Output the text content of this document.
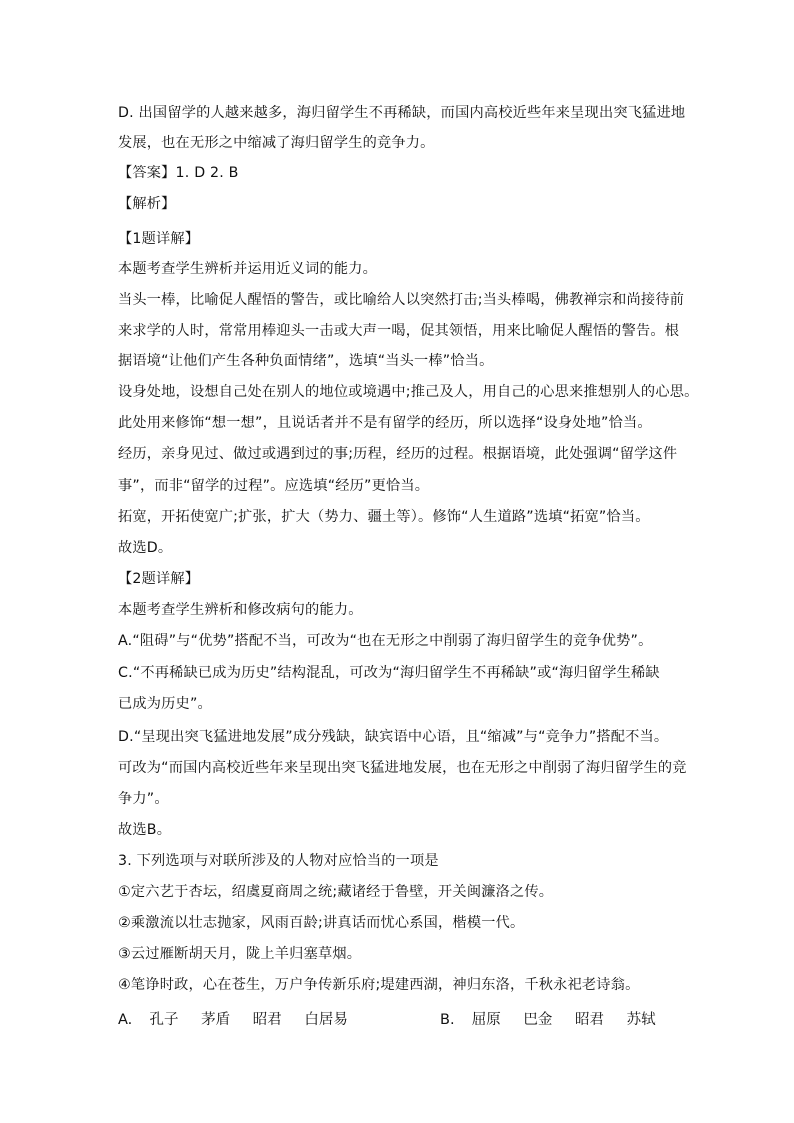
D. 出国留学的人越来越多，海归留学生不再稀缺，而国内高校近些年来呈现出突飞猛进地
发展，也在无形之中缩减了海归留学生的竞争力。
【答案】1. D 2. B
【解析】
【1题详解】
本题考查学生辨析并运用近义词的能力。
当头一棒，比喻促人醒悟的警告，或比喻给人以突然打击;当头棒喝，佛教禅宗和尚接待前
来求学的人时，常常用棒迎头一击或大声一喝，促其领悟，用来比喻促人醒悟的警告。根
据语境“让他们产生各种负面情绪”，选填“当头一棒”恰当。
设身处地，设想自己处在别人的地位或境遇中;推己及人，用自己的心思来推想别人的心思。
此处用来修饰“想一想”，且说话者并不是有留学的经历，所以选择“设身处地”恰当。
经历，亲身见过、做过或遇到过的事;历程，经历的过程。根据语境，此处强调“留学这件
事”，而非“留学的过程”。应选填“经历”更恰当。
拓宽，开拓使宽广;扩张，扩大（势力、疆土等）。修饰“人生道路”选填“拓宽”恰当。
故选D。
【2题详解】
本题考查学生辨析和修改病句的能力。
A.“阻碍”与“优势”搭配不当，可改为“也在无形之中削弱了海归留学生的竞争优势”。
C.“不再稀缺已成为历史”结构混乱，可改为“海归留学生不再稀缺”或“海归留学生稀缺
已成为历史”。
D.“呈现出突飞猛进地发展”成分残缺，缺宾语中心语，且“缩减”与“竞争力”搭配不当。
可改为“而国内高校近些年来呈现出突飞猛进地发展，也在无形之中削弱了海归留学生的竞
争力”。
故选B。
3. 下列选项与对联所涉及的人物对应恰当的一项是
①定六艺于杏坛，绍虞夏商周之统;藏诸经于鲁壁，开关闽濂洛之传。
②乘激流以壮志抛家，风雨百龄;讲真话而忧心系国，楷模一代。
③云过雁断胡天月，陇上羊归塞草烟。
④笔诤时政，心在苍生，万户争传新乐府;堤建西湖，神归东洛，千秋永祀老诗翁。
A. 孔子 茅盾 昭君 白居易	B. 屈原 巴金 昭君 苏轼
